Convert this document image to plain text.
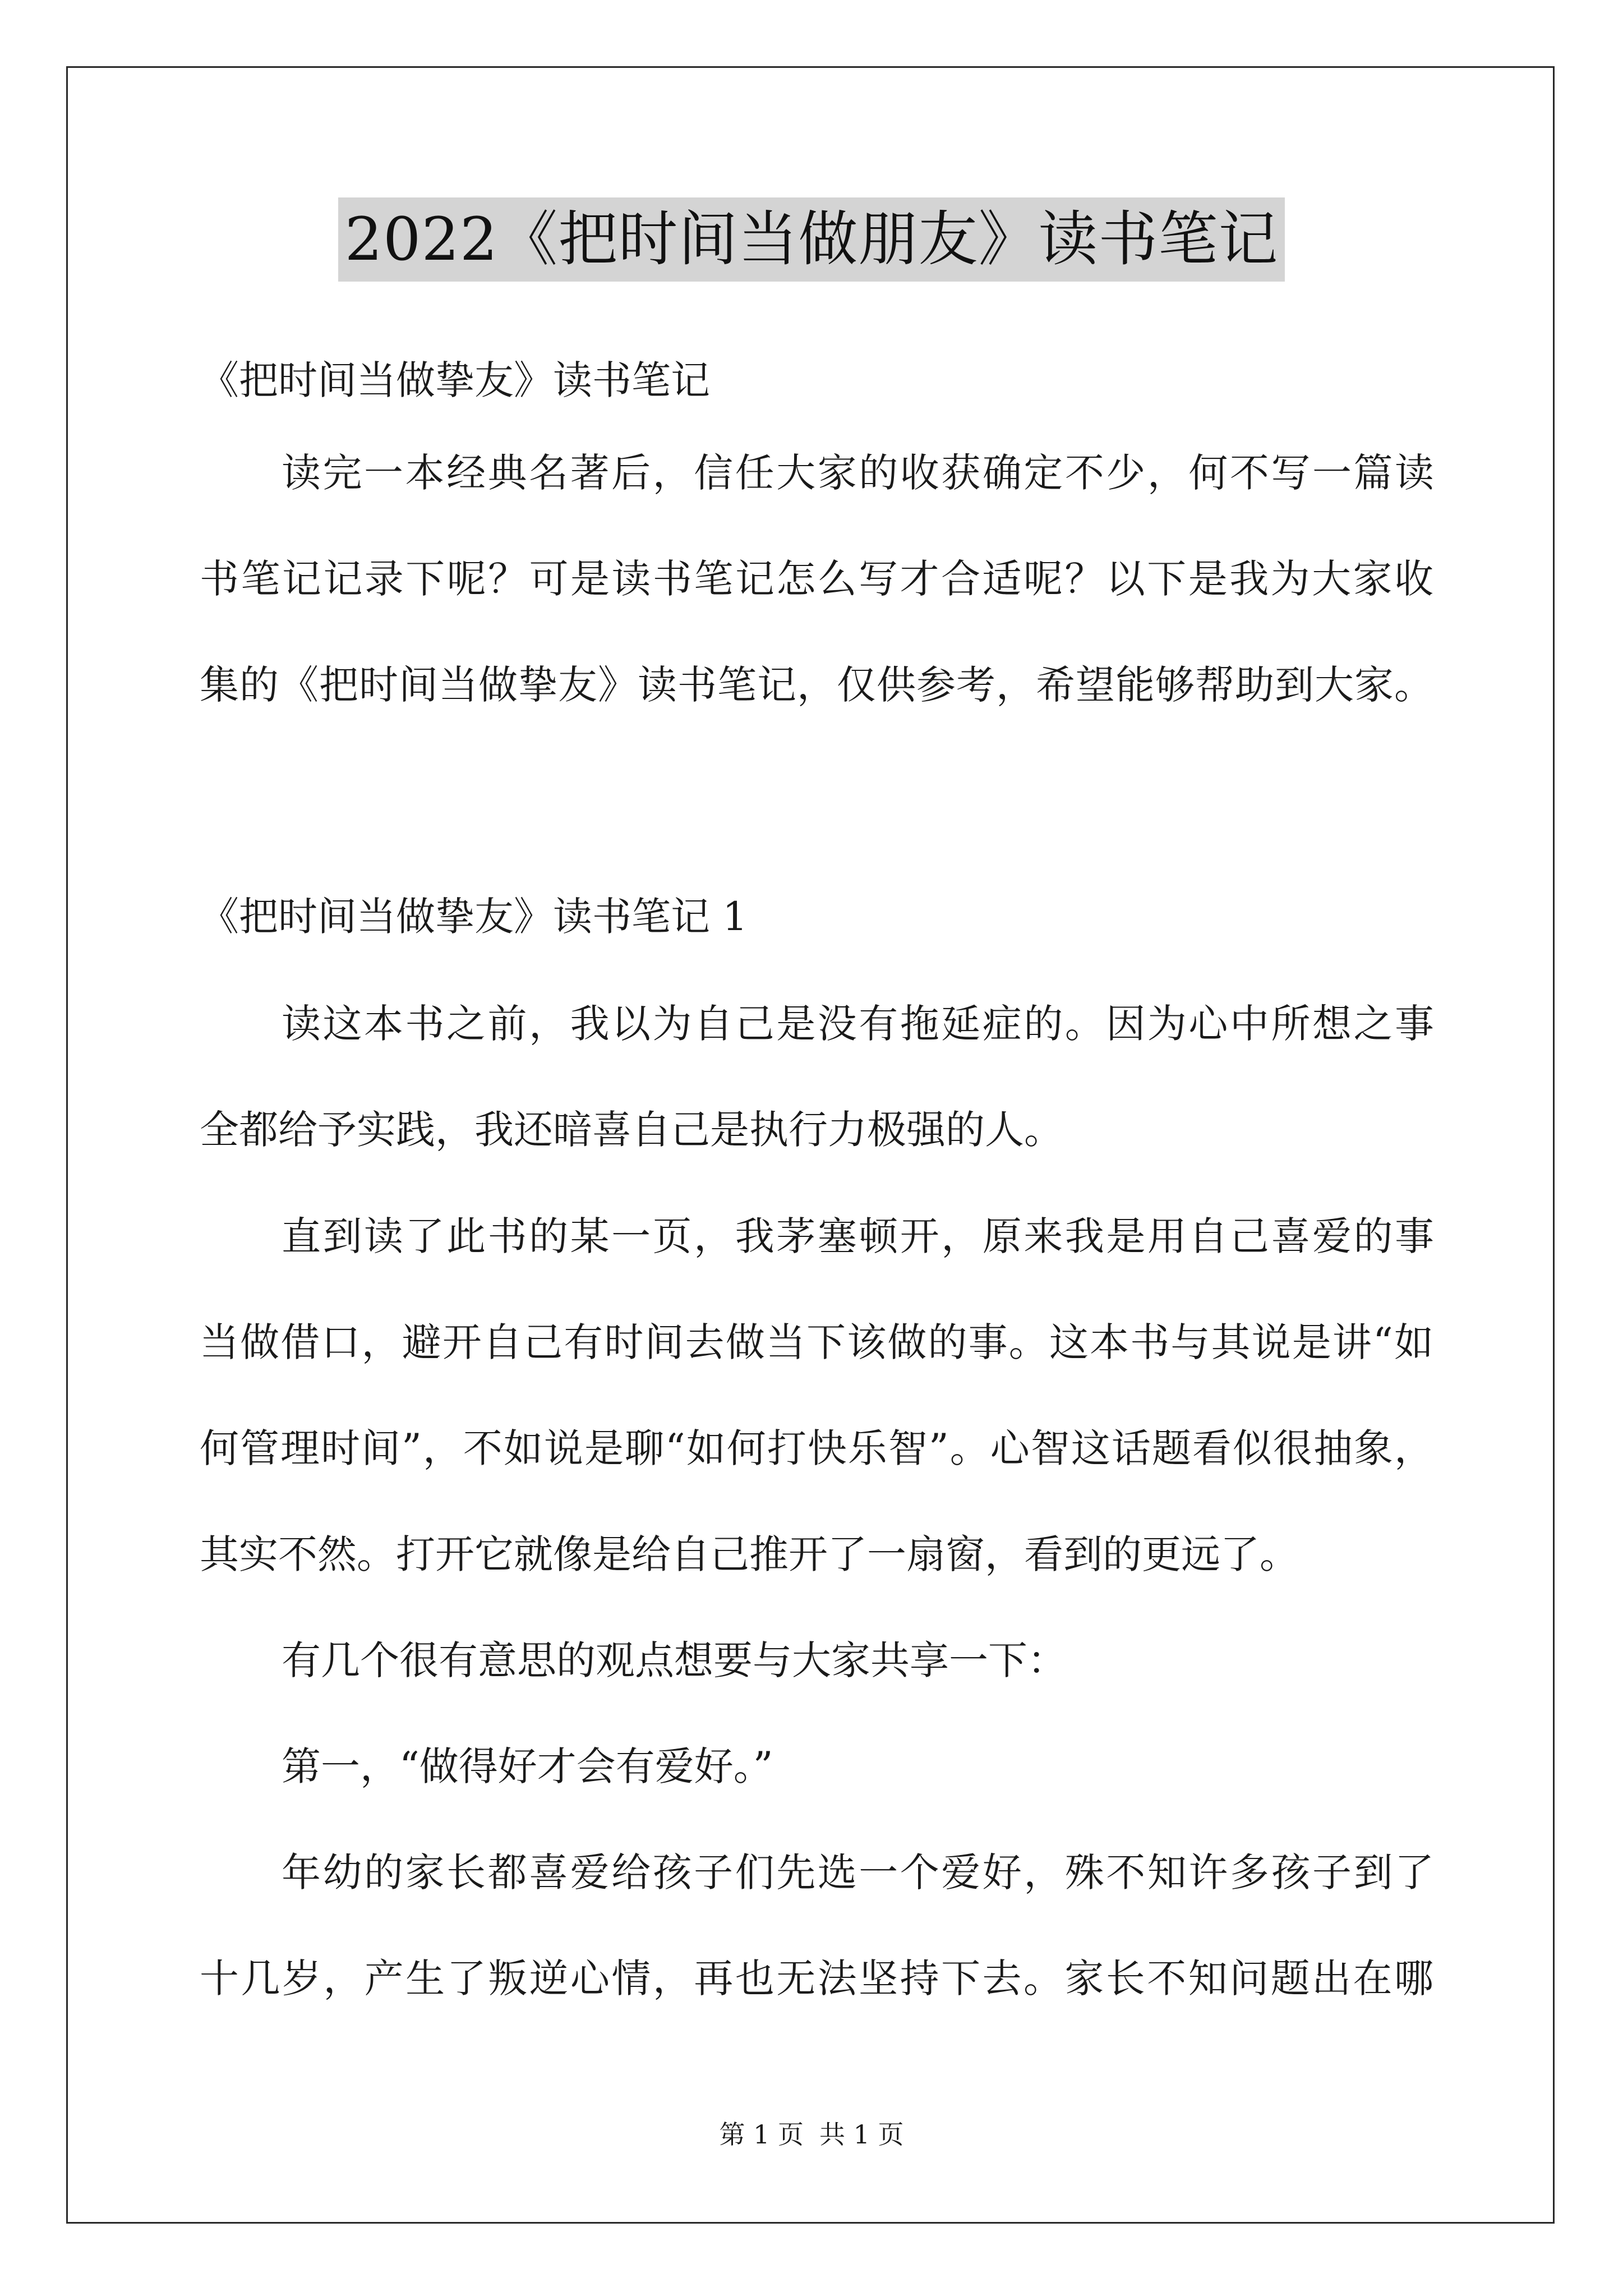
2022《把时间当做朋友》读书笔记
《把时间当做挚友》读书笔记
读完一本经典名著后，信任大家的收获确定不少，何不写一篇读
书笔记记录下呢？可是读书笔记怎么写才合适呢？以下是我为大家收
集的《把时间当做挚友》读书笔记，仅供参考，希望能够帮助到大家。
《把时间当做挚友》读书笔记 1
读这本书之前，我以为自己是没有拖延症的。因为心中所想之事
全都给予实践，我还暗喜自己是执行力极强的人。
直到读了此书的某一页，我茅塞顿开，原来我是用自己喜爱的事
当做借口，避开自己有时间去做当下该做的事。这本书与其说是讲“如
何管理时间”，不如说是聊“如何打快乐智”。心智这话题看似很抽象，
其实不然。打开它就像是给自己推开了一扇窗，看到的更远了。
有几个很有意思的观点想要与大家共享一下：
第一，“做得好才会有爱好。”
年幼的家长都喜爱给孩子们先选一个爱好，殊不知许多孩子到了
十几岁，产生了叛逆心情，再也无法坚持下去。家长不知问题出在哪
第 1 页 共 1 页
